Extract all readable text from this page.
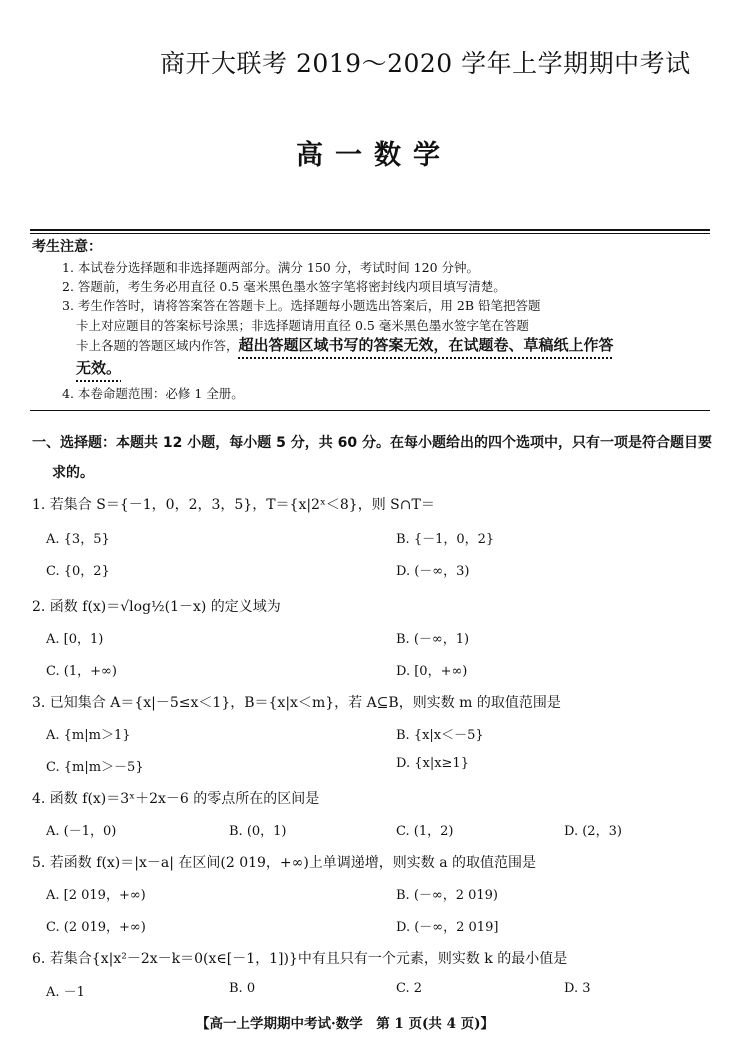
商开大联考 2019～2020 学年上学期期中考试
高一数学
考生注意：
1. 本试卷分选择题和非选择题两部分。满分 150 分，考试时间 120 分钟。
2. 答题前，考生务必用直径 0.5 毫米黑色墨水签字笔将密封线内项目填写清楚。
3. 考生作答时，请将答案答在答题卡上。选择题每小题选出答案后，用 2B 铅笔把答题
卡上对应题目的答案标号涂黑；非选择题请用直径 0.5 毫米黑色墨水签字笔在答题
卡上各题的答题区域内作答，超出答题区域书写的答案无效，在试题卷、草稿纸上作答
无效。
4. 本卷命题范围：必修 1 全册。
一、选择题：本题共 12 小题，每小题 5 分，共 60 分。在每小题给出的四个选项中，只有一项是符合题目要
求的。
1. 若集合 S＝{－1，0，2，3，5}，T＝{x|2ˣ＜8}，则 S∩T＝
A. {3，5}	B. {－1，0，2}
C. {0，2}	D. (－∞，3)
2. 函数 f(x)＝√log½(1－x) 的定义域为
A. [0，1)	B. (－∞，1)
C. (1，+∞)	D. [0，+∞)
3. 已知集合 A＝{x|－5≤x＜1}，B＝{x|x＜m}，若 A⊆B，则实数 m 的取值范围是
A. {m|m＞1}	B. {x|x＜－5}
C. {m|m＞－5}	D. {x|x≥1}
4. 函数 f(x)＝3ˣ＋2x－6 的零点所在的区间是
A. (－1，0)	B. (0，1)	C. (1，2)	D. (2，3)
5. 若函数 f(x)＝|x－a| 在区间(2 019，+∞)上单调递增，则实数 a 的取值范围是
A. [2 019，+∞)	B. (－∞，2 019)
C. (2 019，+∞)	D. (－∞，2 019]
6. 若集合{x|x²－2x－k＝0(x∈[－1，1])}中有且只有一个元素，则实数 k 的最小值是
A. －1	B. 0	C. 2	D. 3
【高一上学期期中考试·数学　第 1 页(共 4 页)】
